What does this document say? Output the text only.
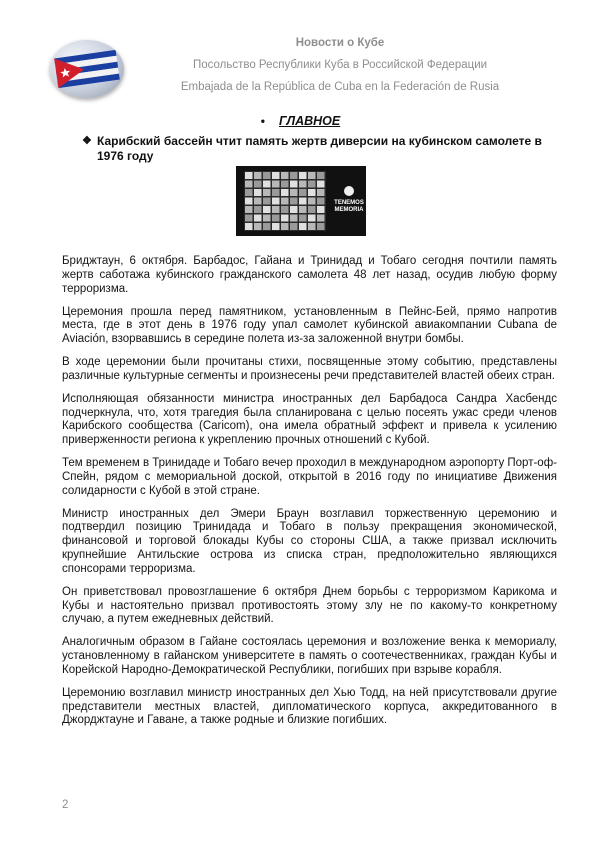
Новости о Кубе
Посольство Республики Куба в Российской Федерации
Embajada de la República de Cuba en la Federación de Rusia
• ГЛАВНОЕ
❖ Карибский бассейн чтит память жертв диверсии на кубинском самолете в 1976 году
TENEMOS MEMORIA

Бриджтаун, 6 октября. Барбадос, Гайана и Тринидад и Тобаго сегодня почтили память жертв саботажа кубинского гражданского самолета 48 лет назад, осудив любую форму терроризма.

Церемония прошла перед памятником, установленным в Пейнс-Бей, прямо напротив места, где в этот день в 1976 году упал самолет кубинской авиакомпании Cubana de Aviación, взорвавшись в середине полета из-за заложенной внутри бомбы.

В ходе церемонии были прочитаны стихи, посвященные этому событию, представлены различные культурные сегменты и произнесены речи представителей властей обеих стран.

Исполняющая обязанности министра иностранных дел Барбадоса Сандра Хасбендс подчеркнула, что, хотя трагедия была спланирована с целью посеять ужас среди членов Карибского сообщества (Caricom), она имела обратный эффект и привела к усилению приверженности региона к укреплению прочных отношений с Кубой.

Тем временем в Тринидаде и Тобаго вечер проходил в международном аэропорту Порт-оф-Спейн, рядом с мемориальной доской, открытой в 2016 году по инициативе Движения солидарности с Кубой в этой стране.

Министр иностранных дел Эмери Браун возглавил торжественную церемонию и подтвердил позицию Тринидада и Тобаго в пользу прекращения экономической, финансовой и торговой блокады Кубы со стороны США, а также призвал исключить крупнейшие Антильские острова из списка стран, предположительно являющихся спонсорами терроризма.

Он приветствовал провозглашение 6 октября Днем борьбы с терроризмом Карикома и Кубы и настоятельно призвал противостоять этому злу не по какому-то конкретному случаю, а путем ежедневных действий.

Аналогичным образом в Гайане состоялась церемония и возложение венка к мемориалу, установленному в гайанском университете в память о соотечественниках, граждан Кубы и Корейской Народно-Демократической Республики, погибших при взрыве корабля.

Церемонию возглавил министр иностранных дел Хью Тодд, на ней присутствовали другие представители местных властей, дипломатического корпуса, аккредитованного в Джорджтауне и Гаване, а также родные и близкие погибших.

2
